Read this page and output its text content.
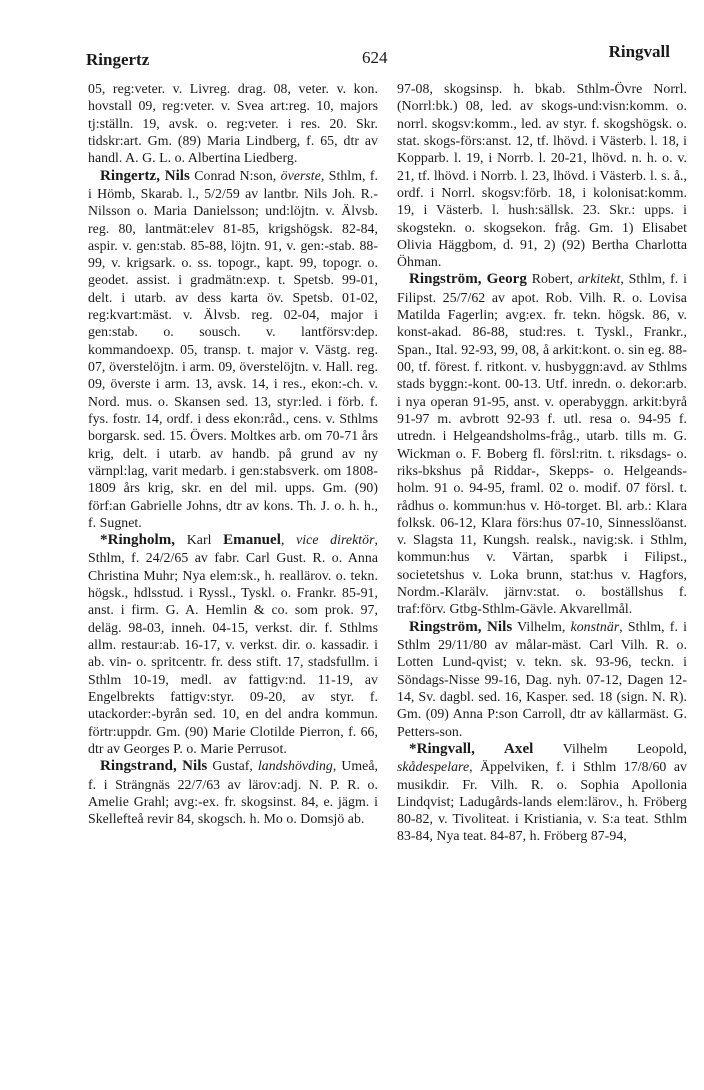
Ringertz	624	Ringvall

05, reg:veter. v. Livreg. drag. 08, veter. v. kon. hovstall 09, reg:veter. v. Svea art:reg. 10, majors tj:ställn. 19, avsk. o. reg:veter. i res. 20. Skr. tidskr:art. Gm. (89) Maria Lindberg, f. 65, dtr av handl. A. G. L. o. Albertina Liedberg.

Ringertz, Nils Conrad N:son, överste, Sthlm, f. i Hömb, Skarab. l., 5/2/59 av lantbr. Nils Joh. R.-Nilsson o. Maria Danielsson; und:löjtn. v. Älvsb. reg. 80, lantmät:elev 81-85, krigshögsk. 82-84, aspir. v. gen:stab. 85-88, löjtn. 91, v. gen:-stab. 88-99, v. krigsark. o. ss. topogr., kapt. 99, topogr. o. geodet. assist. i gradmätn:exp. t. Spetsb. 99-01, delt. i utarb. av dess karta öv. Spetsb. 01-02, reg:kvart:mäst. v. Älvsb. reg. 02-04, major i gen:stab. o. sousch. v. lantförsv:dep. kommandoexp. 05, transp. t. major v. Västg. reg. 07, överstelöjtn. i arm. 09, överstelöjtn. v. Hall. reg. 09, överste i arm. 13, avsk. 14, i res., ekon:-ch. v. Nord. mus. o. Skansen sed. 13, styr:led. i förb. f. fys. fostr. 14, ordf. i dess ekon:råd., cens. v. Sthlms borgarsk. sed. 15. Övers. Moltkes arb. om 70-71 års krig, delt. i utarb. av handb. på grund av ny värnpl:lag, varit medarb. i gen:stabsverk. om 1808-1809 års krig, skr. en del mil. upps. Gm. (90) förf:an Gabrielle Johns, dtr av kons. Th. J. o. h. h., f. Sugnet.

*Ringholm, Karl Emanuel, vice direktör, Sthlm, f. 24/2/65 av fabr. Carl Gust. R. o. Anna Christina Muhr; Nya elem:sk., h. reallärov. o. tekn. högsk., hdlsstud. i Ryssl., Tyskl. o. Frankr. 85-91, anst. i firm. G. A. Hemlin & co. som prok. 97, deläg. 98-03, inneh. 04-15, verkst. dir. f. Sthlms allm. restaur:ab. 16-17, v. verkst. dir. o. kassadir. i ab. vin- o. spritcentr. fr. dess stift. 17, stadsfullm. i Sthlm 10-19, medl. av fattigv:nd. 11-19, av Engelbrekts fattigv:styr. 09-20, av styr. f. utackorder:-byrån sed. 10, en del andra kommun. förtr:uppdr. Gm. (90) Marie Clotilde Pierron, f. 66, dtr av Georges P. o. Marie Perrusot.

Ringstrand, Nils Gustaf, landshövding, Umeå, f. i Strängnäs 22/7/63 av lärov:adj. N. P. R. o. Amelie Grahl; avg:-ex. fr. skogsinst. 84, e. jägm. i Skellefteå revir 84, skogsch. h. Mo o. Domsjö ab.

97-08, skogsinsp. h. bkab. Sthlm-Övre Norrl. (Norrl:bk.) 08, led. av skogs-und:visn:komm. o. norrl. skogsv:komm., led. av styr. f. skogshögsk. o. stat. skogs-förs:anst. 12, tf. lhövd. i Västerb. l. 18, i Kopparb. l. 19, i Norrb. l. 20-21, lhövd. n. h. o. v. 21, tf. lhövd. i Norrb. l. 23, lhövd. i Västerb. l. s. å., ordf. i Norrl. skogsv:förb. 18, i kolonisat:komm. 19, i Västerb. l. hush:sällsk. 23. Skr.: upps. i skogstekn. o. skogsekon. fråg. Gm. 1) Elisabet Olivia Häggbom, d. 91, 2) (92) Bertha Charlotta Öhman.

Ringström, Georg Robert, arkitekt, Sthlm, f. i Filipst. 25/7/62 av apot. Rob. Vilh. R. o. Lovisa Matilda Fagerlin; avg:ex. fr. tekn. högsk. 86, v. konst-akad. 86-88, stud:res. t. Tyskl., Frankr., Span., Ital. 92-93, 99, 08, å arkit:kont. o. sin eg. 88-00, tf. förest. f. ritkont. v. husbyggn:avd. av Sthlms stads byggn:-kont. 00-13. Utf. inredn. o. dekor:arb. i nya operan 91-95, anst. v. operabyggn. arkit:byrå 91-97 m. avbrott 92-93 f. utl. resa o. 94-95 f. utredn. i Helgeandsholms-fråg., utarb. tills m. G. Wickman o. F. Boberg fl. försl:ritn. t. riksdags- o. riks-bkshus på Riddar-, Skepps- o. Helgeands-holm. 91 o. 94-95, framl. 02 o. modif. 07 försl. t. rådhus o. kommun:hus v. Hö-torget. Bl. arb.: Klara folksk. 06-12, Klara förs:hus 07-10, Sinnesslöanst. v. Slagsta 11, Kungsh. realsk., navig:sk. i Sthlm, kommun:hus v. Värtan, sparbk i Filipst., societetshus v. Loka brunn, stat:hus v. Hagfors, Nordm.-Klarälv. järnv:stat. o. boställshus f. traf:förv. Gtbg-Sthlm-Gävle. Akvarellmål.

Ringström, Nils Vilhelm, konstnär, Sthlm, f. i Sthlm 29/11/80 av målar-mäst. Carl Vilh. R. o. Lotten Lund-qvist; v. tekn. sk. 93-96, teckn. i Söndags-Nisse 99-16, Dag. nyh. 07-12, Dagen 12-14, Sv. dagbl. sed. 16, Kasper. sed. 18 (sign. N. R). Gm. (09) Anna P:son Carroll, dtr av källarmäst. G. Petters-son.

*Ringvall, Axel Vilhelm Leopold, skådespelare, Äppelviken, f. i Sthlm 17/8/60 av musikdir. Fr. Vilh. R. o. Sophia Apollonia Lindqvist; Ladugårds-lands elem:lärov., h. Fröberg 80-82, v. Tivoliteat. i Kristiania, v. S:a teat. Sthlm 83-84, Nya teat. 84-87, h. Fröberg 87-94,
